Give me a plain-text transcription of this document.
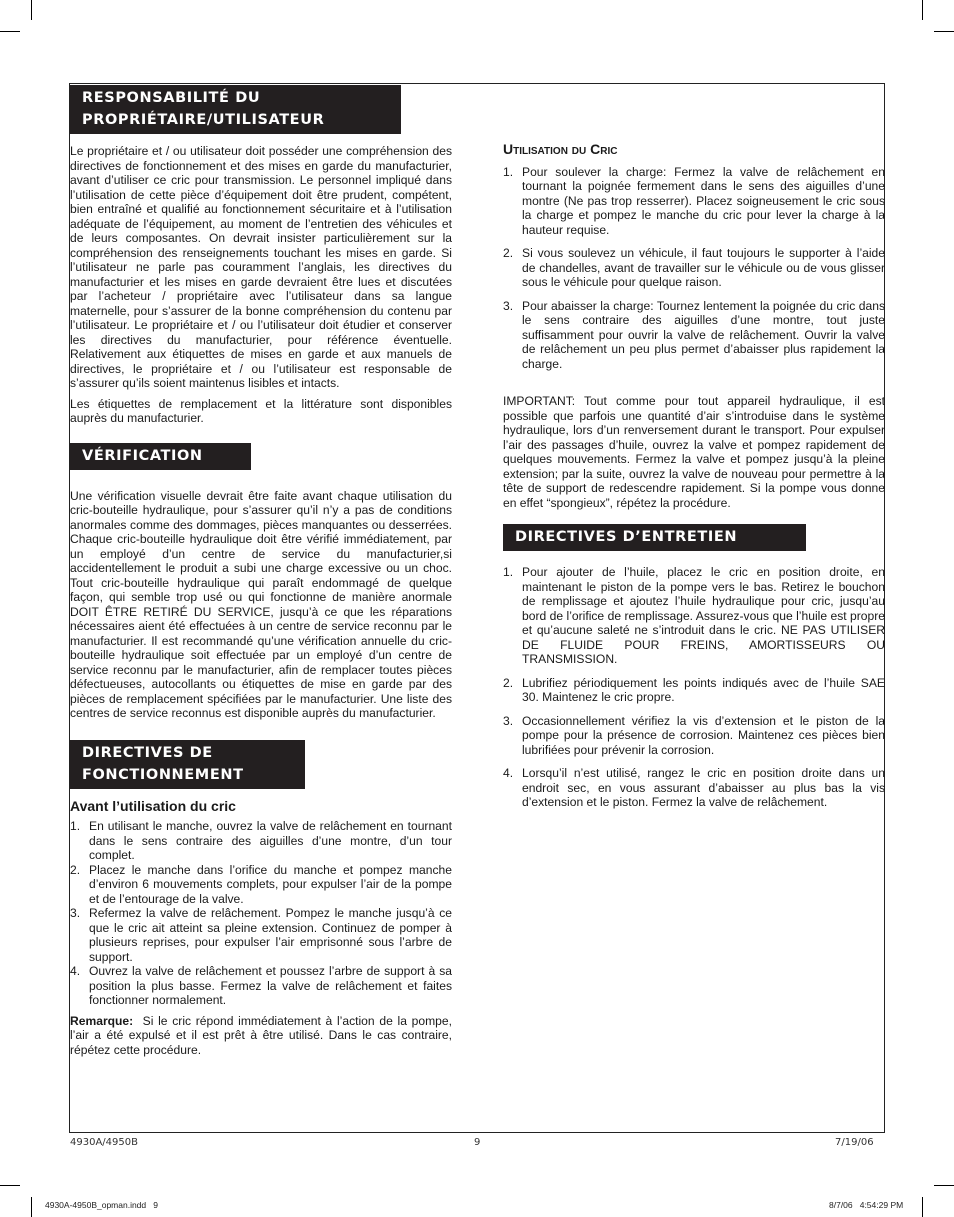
RESPONSABILITÉ DU
PROPRIÉTAIRE/UTILISATEUR

Le propriétaire et / ou utilisateur doit posséder une compréhension des directives de fonctionnement et des mises en garde du manufacturier, avant d’utiliser ce cric pour transmission. Le personnel impliqué dans l’utilisation de cette pièce d’équipement doit être prudent, compétent, bien entraîné et qualifié au fonctionnement sécuritaire et à l’utilisation adéquate de l’équipement, au moment de l’entretien des véhicules et de leurs composantes. On devrait insister particulièrement sur la compréhension des renseignements touchant les mises en garde. Si l’utilisateur ne parle pas couramment l’anglais, les directives du manufacturier et les mises en garde devraient être lues et discutées par l’acheteur / propriétaire avec l’utilisateur dans sa langue maternelle, pour s’assurer de la bonne compréhension du contenu par l’utilisateur. Le propriétaire et / ou l’utilisateur doit étudier et conserver les directives du manufacturier, pour référence éventuelle. Relativement aux étiquettes de mises en garde et aux manuels de directives, le propriétaire et / ou l’utilisateur est responsable de s’assurer qu’ils soient maintenus lisibles et intacts.

Les étiquettes de remplacement et la littérature sont disponibles auprès du manufacturier.

VÉRIFICATION

Une vérification visuelle devrait être faite avant chaque utilisation du cric-bouteille hydraulique, pour s’assurer qu’il n’y a pas de conditions anormales comme des dommages, pièces manquantes ou desserrées. Chaque cric-bouteille hydraulique doit être vérifié immédiatement, par un employé d’un centre de service du manufacturier,si accidentellement le produit a subi une charge excessive ou un choc. Tout cric-bouteille hydraulique qui paraît endommagé de quelque façon, qui semble trop usé ou qui fonctionne de manière anormale DOIT ÊTRE RETIRÉ DU SERVICE, jusqu’à ce que les réparations nécessaires aient été effectuées à un centre de service reconnu par le manufacturier. Il est recommandé qu’une vérification annuelle du cric-bouteille hydraulique soit effectuée par un employé d’un centre de service reconnu par le manufacturier, afin de remplacer toutes pièces défectueuses, autocollants ou étiquettes de mise en garde par des pièces de remplacement spécifiées par le manufacturier. Une liste des centres de service reconnus est disponible auprès du manufacturier.

DIRECTIVES DE
FONCTIONNEMENT
Avant l’utilisation du cric
1. En utilisant le manche, ouvrez la valve de relâchement en tournant dans le sens contraire des aiguilles d’une montre, d’un tour complet.
2. Placez le manche dans l’orifice du manche et pompez manche d’environ 6 mouvements complets, pour expulser l’air de la pompe et de l’entourage de la valve.
3. Refermez la valve de relâchement. Pompez le manche jusqu’à ce que le cric ait atteint sa pleine extension. Continuez de pomper à plusieurs reprises, pour expulser l’air emprisonné sous l’arbre de support.
4. Ouvrez la valve de relâchement et poussez l’arbre de support à sa position la plus basse. Fermez la valve de relâchement et faites fonctionner normalement.

Remarque: Si le cric répond immédiatement à l’action de la pompe, l’air a été expulsé et il est prêt à être utilisé. Dans le cas contraire, répétez cette procédure.

Utilisation du Cric
1. Pour soulever la charge: Fermez la valve de relâchement en tournant la poignée fermement dans le sens des aiguilles d’une montre (Ne pas trop resserrer). Placez soigneusement le cric sous la charge et pompez le manche du cric pour lever la charge à la hauteur requise.
2. Si vous soulevez un véhicule, il faut toujours le supporter à l’aide de chandelles, avant de travailler sur le véhicule ou de vous glisser sous le véhicule pour quelque raison.
3. Pour abaisser la charge: Tournez lentement la poignée du cric dans le sens contraire des aiguilles d’une montre, tout juste suffisamment pour ouvrir la valve de relâchement. Ouvrir la valve de relâchement un peu plus permet d’abaisser plus rapidement la charge.

IMPORTANT: Tout comme pour tout appareil hydraulique, il est possible que parfois une quantité d’air s’introduise dans le système hydraulique, lors d’un renversement durant le transport. Pour expulser l’air des passages d’huile, ouvrez la valve et pompez rapidement de quelques mouvements. Fermez la valve et pompez jusqu’à la pleine extension; par la suite, ouvrez la valve de nouveau pour permettre à la tête de support de redescendre rapidement. Si la pompe vous donne en effet “spongieux”, répétez la procédure.

DIRECTIVES D’ENTRETIEN
1. Pour ajouter de l’huile, placez le cric en position droite, en maintenant le piston de la pompe vers le bas. Retirez le bouchon de remplissage et ajoutez l’huile hydraulique pour cric, jusqu’au bord de l’orifice de remplissage. Assurez-vous que l’huile est propre et qu’aucune saleté ne s’introduit dans le cric. NE PAS UTILISER DE FLUIDE POUR FREINS, AMORTISSEURS OU TRANSMISSION.
2. Lubrifiez périodiquement les points indiqués avec de l’huile SAE 30. Maintenez le cric propre.
3. Occasionnellement vérifiez la vis d’extension et le piston de la pompe pour la présence de corrosion. Maintenez ces pièces bien lubrifiées pour prévenir la corrosion.
4. Lorsqu’il n’est utilisé, rangez le cric en position droite dans un endroit sec, en vous assurant d’abaisser au plus bas la vis d’extension et le piston. Fermez la valve de relâchement.
4930A/4950B	9	7/19/06
4930A-4950B_opman.indd   9	8/7/06   4:54:29 PM
